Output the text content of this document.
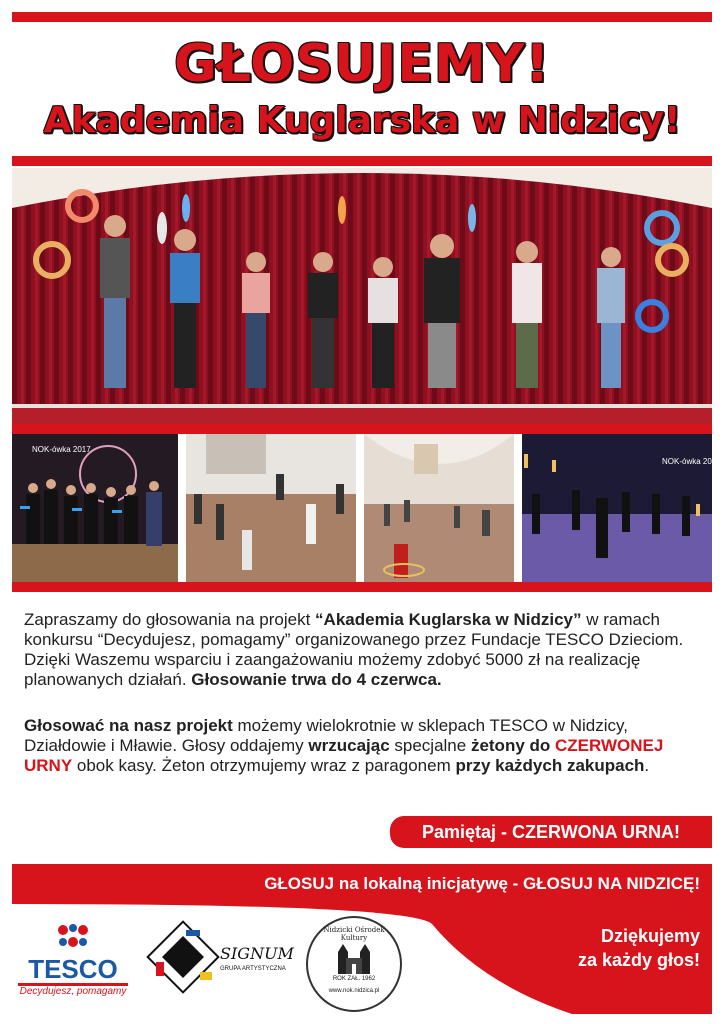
GŁOSUJEMY!
Akademia Kuglarska w Nidzicy!
NOK-ówka 2017
NOK-ówka 2017
Zapraszamy do głosowania na projekt “Akademia Kuglarska w Nidzicy” w ramach konkursu “Decydujesz, pomagamy” organizowanego przez Fundacje TESCO Dzieciom. Dzięki Waszemu wsparciu i zaangażowaniu możemy zdobyć 5000 zł na realizację planowanych działań. Głosowanie trwa do 4 czerwca.
Głosować na nasz projekt możemy wielokrotnie w sklepach TESCO w Nidzicy, Działdowie i Mławie. Głosy oddajemy wrzucając specjalne żetony do CZERWONEJ URNY obok kasy. Żeton otrzymujemy wraz z paragonem przy każdych zakupach.
Pamiętaj - CZERWONA URNA!
GŁOSUJ na lokalną inicjatywę - GŁOSUJ NA NIDZICĘ!
Dziękujemy
za każdy głos!
TESCO
Decydujesz, pomagamy
SIGNUM
GRUPA ARTYSTYCZNA
Nidzicki Ośrodek Kultury
ROK ZAŁ. 1962
www.nok.nidzica.pl
